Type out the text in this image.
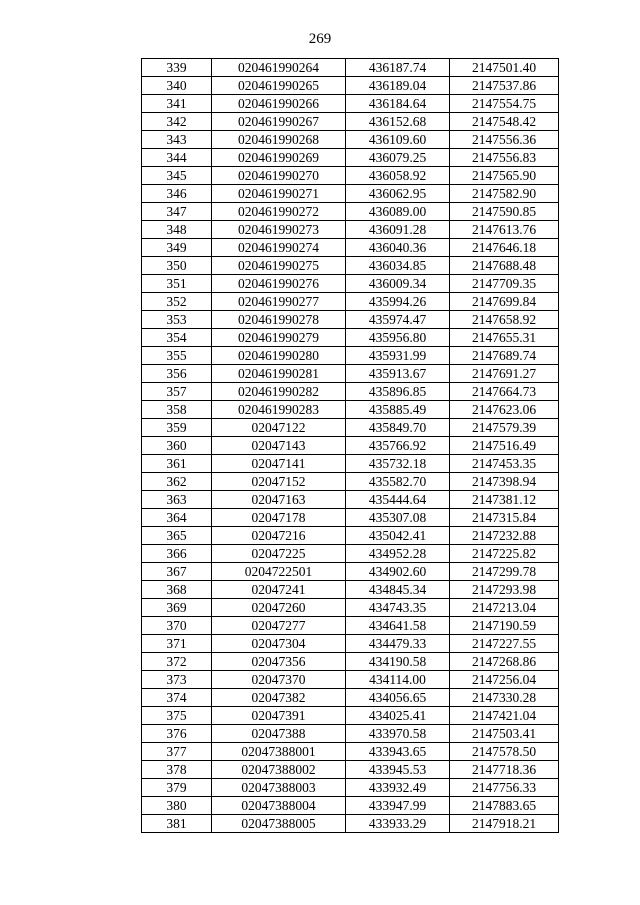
269
339	020461990264	436187.74	2147501.40
340	020461990265	436189.04	2147537.86
341	020461990266	436184.64	2147554.75
342	020461990267	436152.68	2147548.42
343	020461990268	436109.60	2147556.36
344	020461990269	436079.25	2147556.83
345	020461990270	436058.92	2147565.90
346	020461990271	436062.95	2147582.90
347	020461990272	436089.00	2147590.85
348	020461990273	436091.28	2147613.76
349	020461990274	436040.36	2147646.18
350	020461990275	436034.85	2147688.48
351	020461990276	436009.34	2147709.35
352	020461990277	435994.26	2147699.84
353	020461990278	435974.47	2147658.92
354	020461990279	435956.80	2147655.31
355	020461990280	435931.99	2147689.74
356	020461990281	435913.67	2147691.27
357	020461990282	435896.85	2147664.73
358	020461990283	435885.49	2147623.06
359	02047122	435849.70	2147579.39
360	02047143	435766.92	2147516.49
361	02047141	435732.18	2147453.35
362	02047152	435582.70	2147398.94
363	02047163	435444.64	2147381.12
364	02047178	435307.08	2147315.84
365	02047216	435042.41	2147232.88
366	02047225	434952.28	2147225.82
367	0204722501	434902.60	2147299.78
368	02047241	434845.34	2147293.98
369	02047260	434743.35	2147213.04
370	02047277	434641.58	2147190.59
371	02047304	434479.33	2147227.55
372	02047356	434190.58	2147268.86
373	02047370	434114.00	2147256.04
374	02047382	434056.65	2147330.28
375	02047391	434025.41	2147421.04
376	02047388	433970.58	2147503.41
377	02047388001	433943.65	2147578.50
378	02047388002	433945.53	2147718.36
379	02047388003	433932.49	2147756.33
380	02047388004	433947.99	2147883.65
381	02047388005	433933.29	2147918.21
